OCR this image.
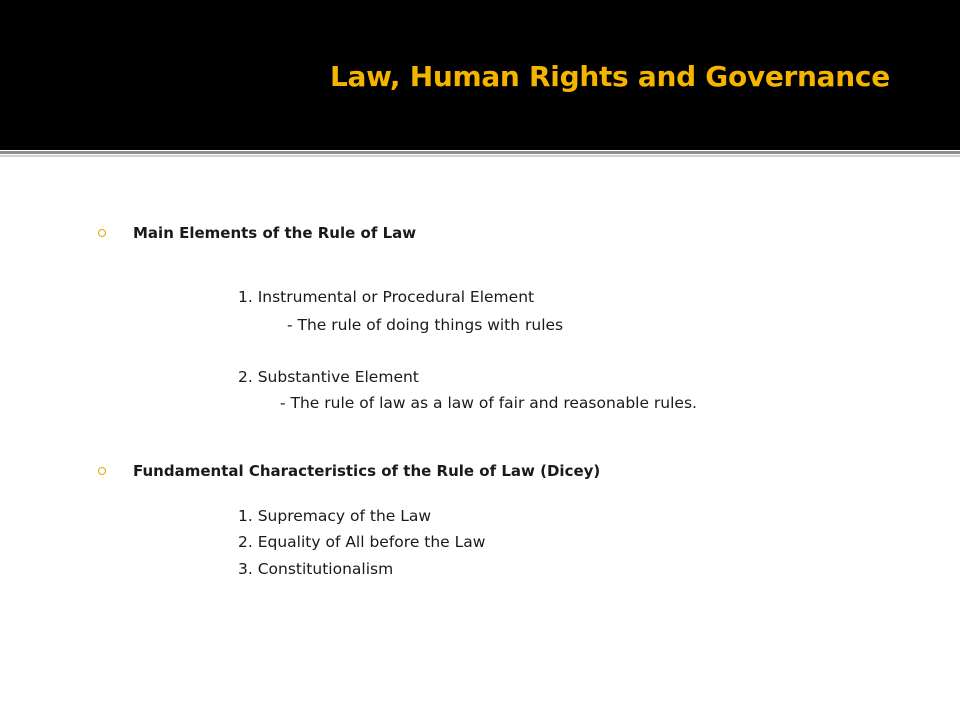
Law, Human Rights and Governance
Main Elements of the Rule of Law
1. Instrumental or Procedural Element
- The rule of doing things with rules
2. Substantive Element
- The rule of law as a law of fair and reasonable rules.
Fundamental Characteristics of the Rule of Law (Dicey)
1. Supremacy of the Law
2. Equality of All before the Law
3. Constitutionalism
